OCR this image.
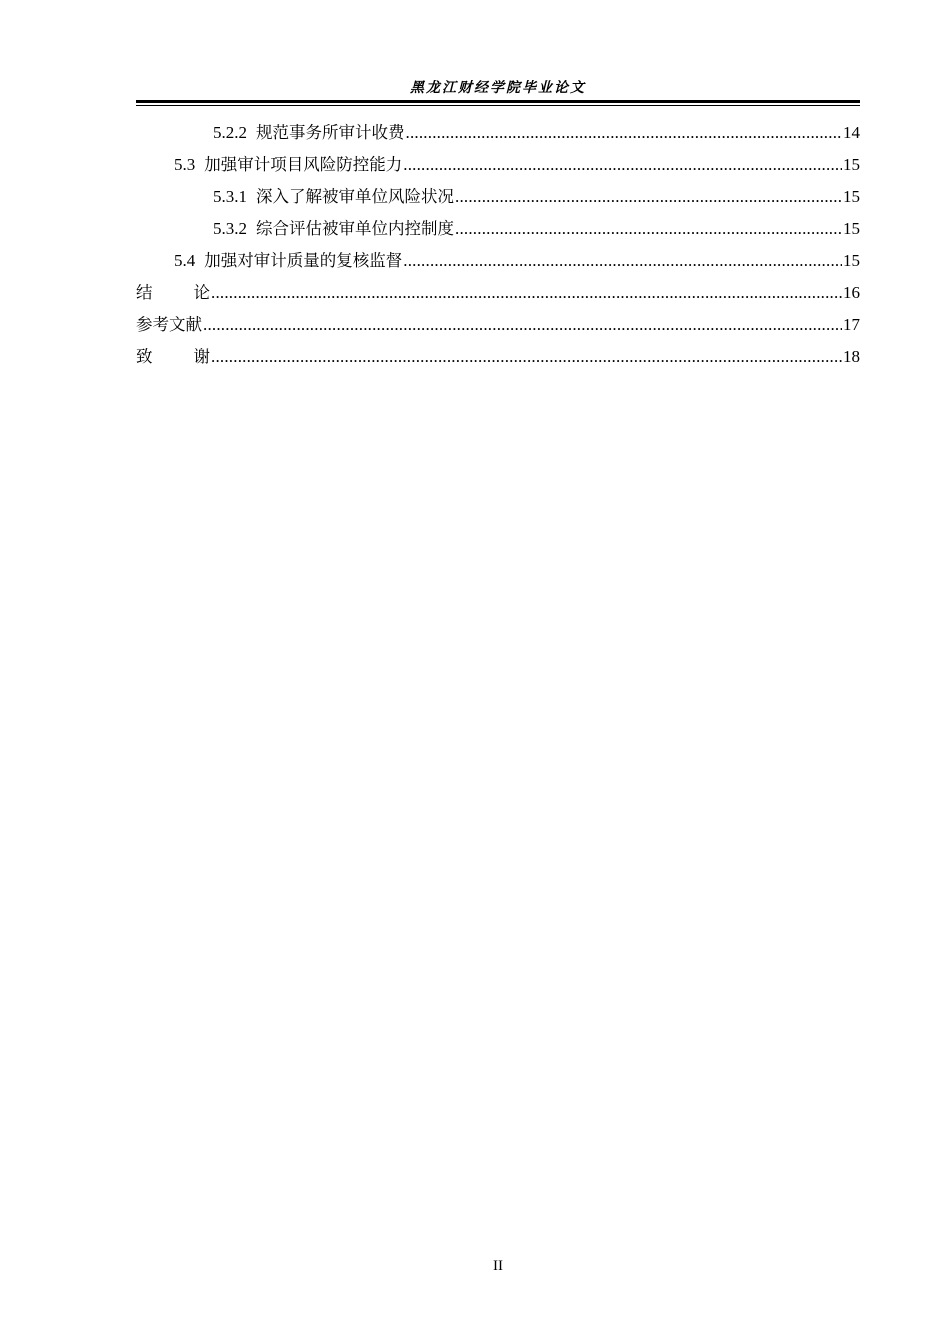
黑龙江财经学院毕业论文
5.2.2 规范事务所审计收费 .....	14
5.3 加强审计项目风险防控能力 .....	15
5.3.1 深入了解被审单位风险状况 .....	15
5.3.2 综合评估被审单位内控制度 .....	15
5.4 加强对审计质量的复核监督 .....	15
结论 .....	16
参考文献 .....	17
致谢 .....	18
II
